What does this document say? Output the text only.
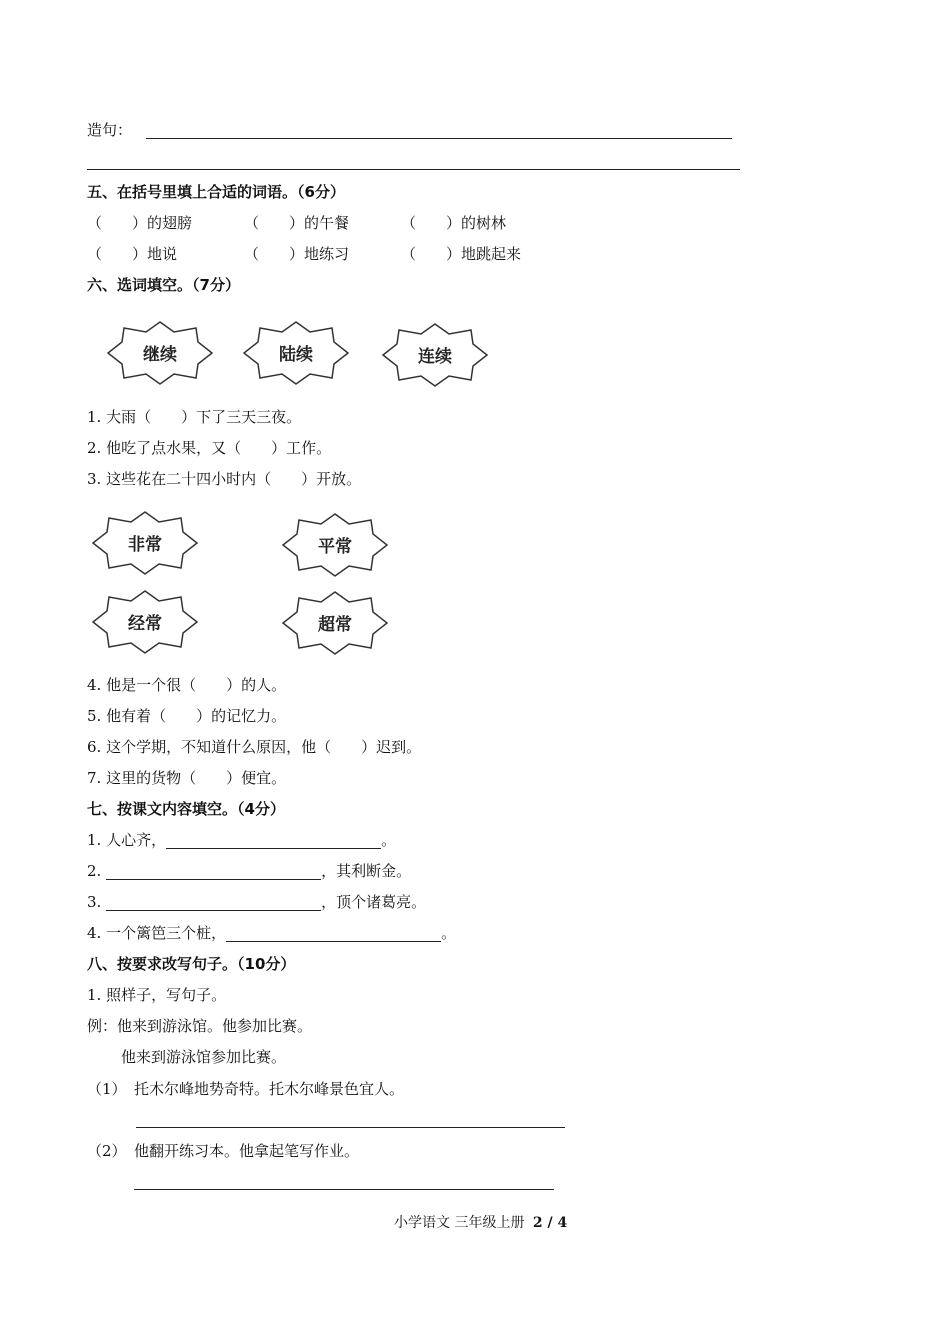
造句：
五、在括号里填上合适的词语。（6分）
（　　）的翅膀	（　　）的午餐	（　　）的树林
（　　）地说	（　　）地练习	（　　）地跳起来
六、选词填空。（7分）
继续	陆续	连续
1. 大雨（　　）下了三天三夜。
2. 他吃了点水果，又（　　）工作。
3. 这些花在二十四小时内（　　）开放。
非常	平常
经常	超常
4. 他是一个很（　　）的人。
5. 他有着（　　）的记忆力。
6. 这个学期，不知道什么原因，他（　　）迟到。
7. 这里的货物（　　）便宜。
七、按课文内容填空。（4分）
1. 人心齐，	。
2.	，其利断金。
3.	，顶个诸葛亮。
4. 一个篱笆三个桩，	。
八、按要求改写句子。（10分）
1. 照样子，写句子。
例：他来到游泳馆。他参加比赛。
他来到游泳馆参加比赛。
（1） 托木尔峰地势奇特。托木尔峰景色宜人。
（2） 他翻开练习本。他拿起笔写作业。
小学语文 三年级上册 2 / 4
